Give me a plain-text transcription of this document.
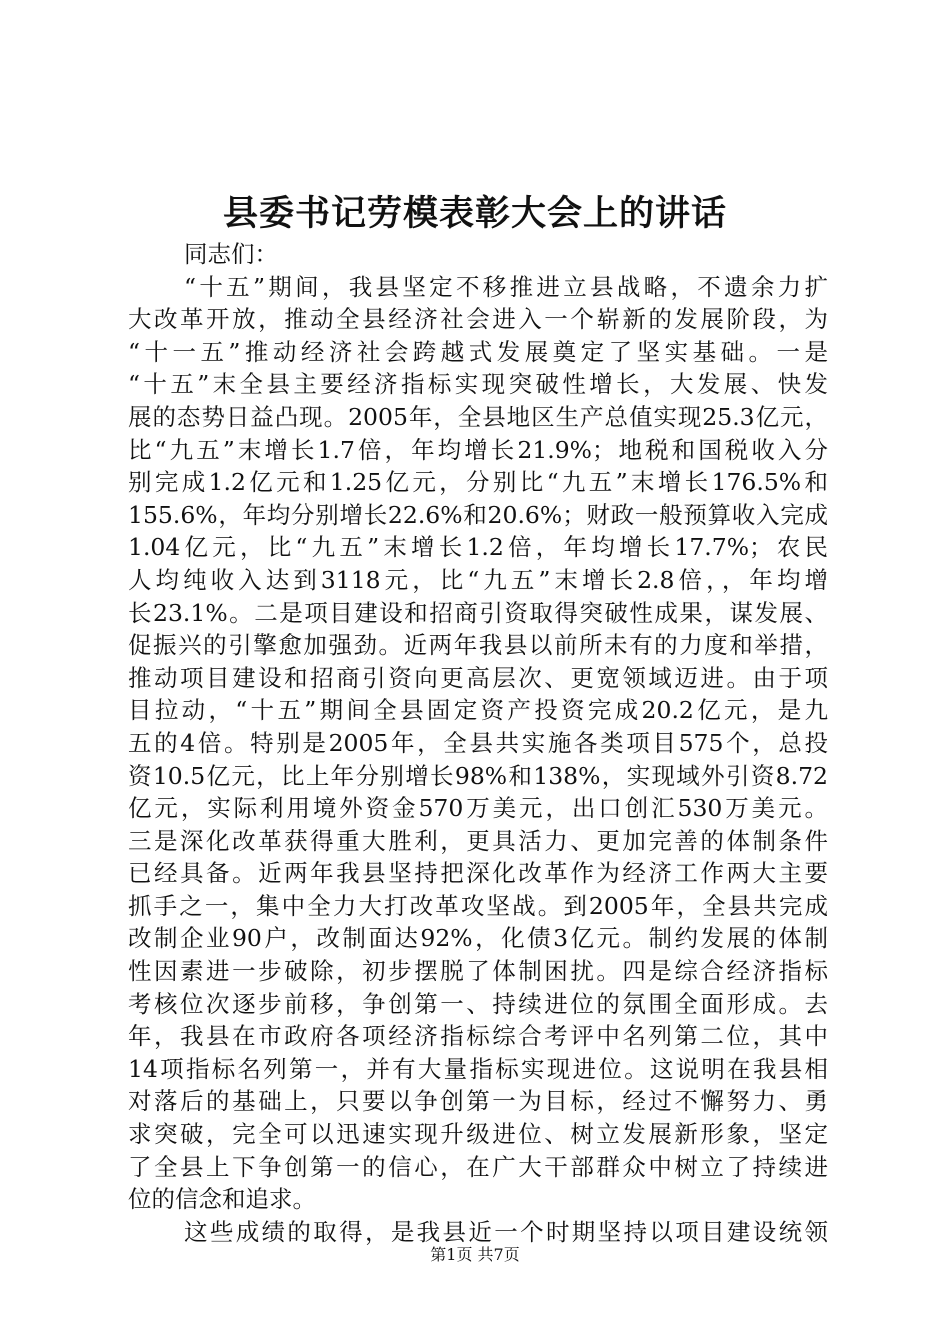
县委书记劳模表彰大会上的讲话
同志们：
“十五”期间，我县坚定不移推进立县战略，不遗余力扩
大改革开放，推动全县经济社会进入一个崭新的发展阶段，为
“十一五”推动经济社会跨越式发展奠定了坚实基础。一是
“十五”末全县主要经济指标实现突破性增长，大发展、快发
展的态势日益凸现。2005年，全县地区生产总值实现25.3亿元，
比“九五”末增长1.7倍，年均增长21.9%；地税和国税收入分
别完成1.2亿元和1.25亿元，分别比“九五”末增长176.5%和
155.6%，年均分别增长22.6%和20.6%；财政一般预算收入完成
1.04亿元，比“九五”末增长1.2倍，年均增长17.7%；农民
人均纯收入达到3118元，比“九五”末增长2.8倍，，年均增
长23.1%。二是项目建设和招商引资取得突破性成果，谋发展、
促振兴的引擎愈加强劲。近两年我县以前所未有的力度和举措，
推动项目建设和招商引资向更高层次、更宽领域迈进。由于项
目拉动，“十五”期间全县固定资产投资完成20.2亿元，是九
五的4倍。特别是2005年，全县共实施各类项目575个，总投
资10.5亿元，比上年分别增长98%和138%，实现域外引资8.72
亿元，实际利用境外资金570万美元，出口创汇530万美元。
三是深化改革获得重大胜利，更具活力、更加完善的体制条件
已经具备。近两年我县坚持把深化改革作为经济工作两大主要
抓手之一，集中全力大打改革攻坚战。到2005年，全县共完成
改制企业90户，改制面达92%，化债3亿元。制约发展的体制
性因素进一步破除，初步摆脱了体制困扰。四是综合经济指标
考核位次逐步前移，争创第一、持续进位的氛围全面形成。去
年，我县在市政府各项经济指标综合考评中名列第二位，其中
14项指标名列第一，并有大量指标实现进位。这说明在我县相
对落后的基础上，只要以争创第一为目标，经过不懈努力、勇
求突破，完全可以迅速实现升级进位、树立发展新形象，坚定
了全县上下争创第一的信心，在广大干部群众中树立了持续进
位的信念和追求。
这些成绩的取得，是我县近一个时期坚持以项目建设统领
第1页 共7页
